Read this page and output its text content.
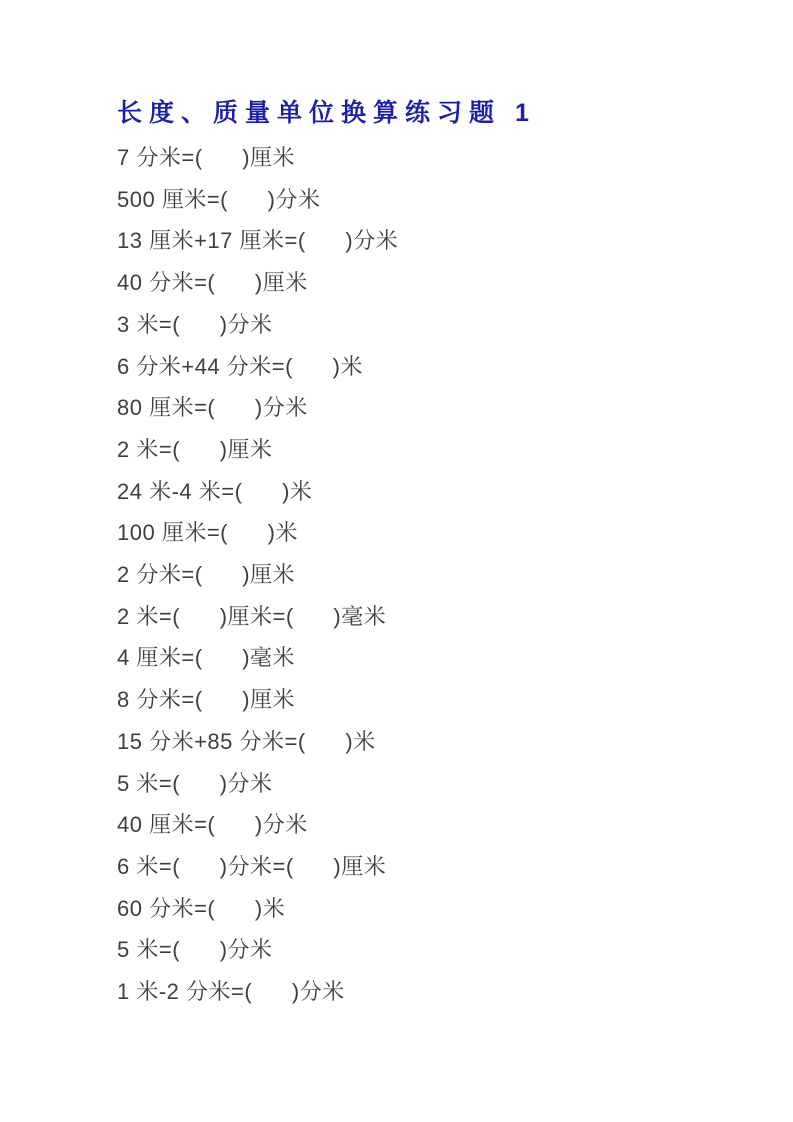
长度、质量单位换算练习题 1
7 分米=(      )厘米
500 厘米=(      )分米
13 厘米+17 厘米=(      )分米
40 分米=(      )厘米
3 米=(      )分米
6 分米+44 分米=(      )米
80 厘米=(      )分米
2 米=(      )厘米
24 米-4 米=(      )米
100 厘米=(      )米
2 分米=(      )厘米
2 米=(      )厘米=(      )毫米
4 厘米=(      )毫米
8 分米=(      )厘米
15 分米+85 分米=(      )米
5 米=(      )分米
40 厘米=(      )分米
6 米=(      )分米=(      )厘米
60 分米=(      )米
5 米=(      )分米
1 米-2 分米=(      )分米
